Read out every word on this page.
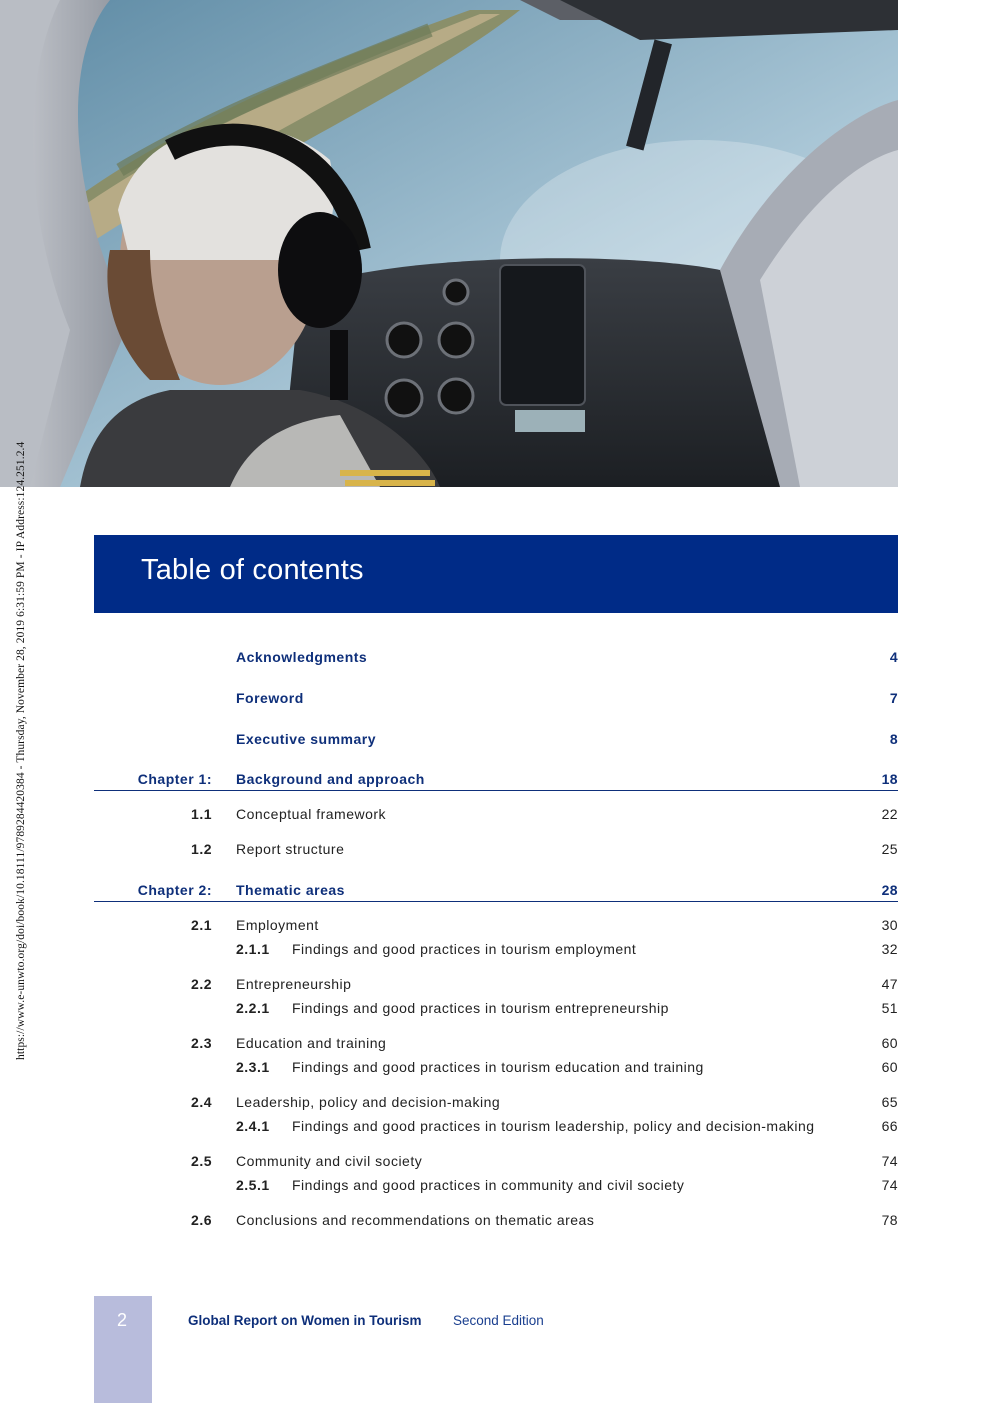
https://www.e-unwto.org/doi/book/10.18111/9789284420384 - Thursday, November 28, 2019 6:31:59 PM - IP Address:124.251.2.4	Table of contents
Acknowledgments	4
Foreword	7
Executive summary	8
Chapter 1: Background and approach	18
1.1 Conceptual framework	22
1.2 Report structure	25
Chapter 2: Thematic areas	28
2.1 Employment	30
2.1.1 Findings and good practices in tourism employment	32
2.2 Entrepreneurship	47
2.2.1 Findings and good practices in tourism entrepreneurship	51
2.3 Education and training	60
2.3.1 Findings and good practices in tourism education and training	60
2.4 Leadership, policy and decision-making	65
2.4.1 Findings and good practices in tourism leadership, policy and decision-making	66
2.5 Community and civil society	74
2.5.1 Findings and good practices in community and civil society	74
2.6 Conclusions and recommendations on thematic areas	78
2	Global Report on Women in Tourism Second Edition
